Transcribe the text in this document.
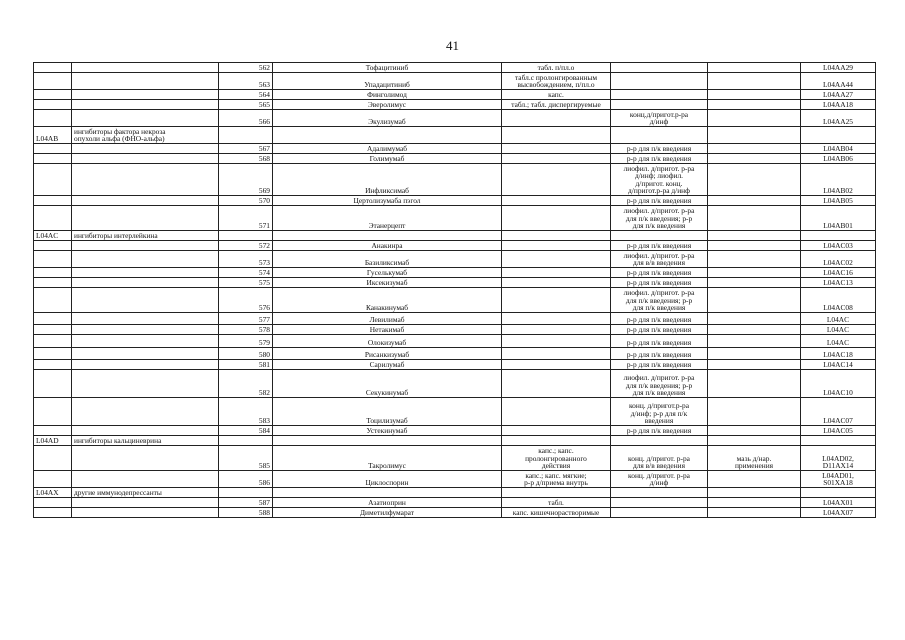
41
		562	Тофацитиниб	табл. п/пл.о			L04AA29
		563	Упадацитиниб	табл.с пролонгированным
высвобождением, п/пл.о			L04AA44
		564	Финголимод	капс.			L04AA27
		565	Эверолимус	табл.; табл. диспергируемые			L04AA18
		566	Экулизумаб		конц.д/пригот.р-ра
д/инф		L04AA25
L04AB	ингибиторы фактора некроза
опухоли альфа (ФНО-альфа)						
		567	Адалимумаб		р-р для п/к введения		L04AB04
		568	Голимумаб		р-р для п/к введения		L04AB06
		569	Инфликсимаб		лиофил. д/пригот. р-ра
д/инф; лиофил.
д/пригот. конц.
д/пригот.р-ра д/инф		L04AB02
		570	Цертолизумаба пэгол		р-р для п/к введения		L04AB05
		571	Этанерцепт		лиофил. д/пригот. р-ра
для п/к введения; р-р
для п/к введения		L04AB01
L04AC	ингибиторы интерлейкина						
		572	Анакинра		р-р для п/к введения		L04AC03
		573	Базиликсимаб		лиофил. д/пригот. р-ра
для в/в введения		L04AC02
		574	Гуселькумаб		р-р для п/к введения		L04AC16
		575	Иксекизумаб		р-р для п/к введения		L04AC13
		576	Канакинумаб		лиофил. д/пригот. р-ра
для п/к введения; р-р
для п/к введения		L04AC08
		577	Левилимаб		р-р для п/к введения		L04AC
		578	Нетакимаб		р-р для п/к введения		L04AC
		579	Олокизумаб		р-р для п/к введения		L04AC
		580	Рисанкизумаб		р-р для п/к введения		L04AC18
		581	Сарилумаб		р-р для п/к введения		L04AC14
		582	Секукинумаб		лиофил. д/пригот. р-ра
для п/к введения; р-р
для п/к введения		L04AC10
		583	Тоцилизумаб		конц. д/пригот.р-ра
д/инф; р-р для п/к
введения		L04AC07
		584	Устекинумаб		р-р для п/к введения		L04AC05
L04AD	ингибиторы кальциневрина						
		585	Такролимус	капс.; капс.
пролонгированного
действия	конц. д/пригот. р-ра
для в/в введения	мазь д/нар.
применения	L04AD02,
D11AX14
		586	Циклоспорин	капс.; капс. мягкие;
р-р д/приема внутрь	конц. д/пригот. р-ра
д/инф		L04AD01,
S01XA18
L04AX	другие иммунодепрессанты						
		587	Азатиоприн	табл.			L04AX01
		588	Диметилфумарат	капс. кишечнорастворимые			L04AX07
